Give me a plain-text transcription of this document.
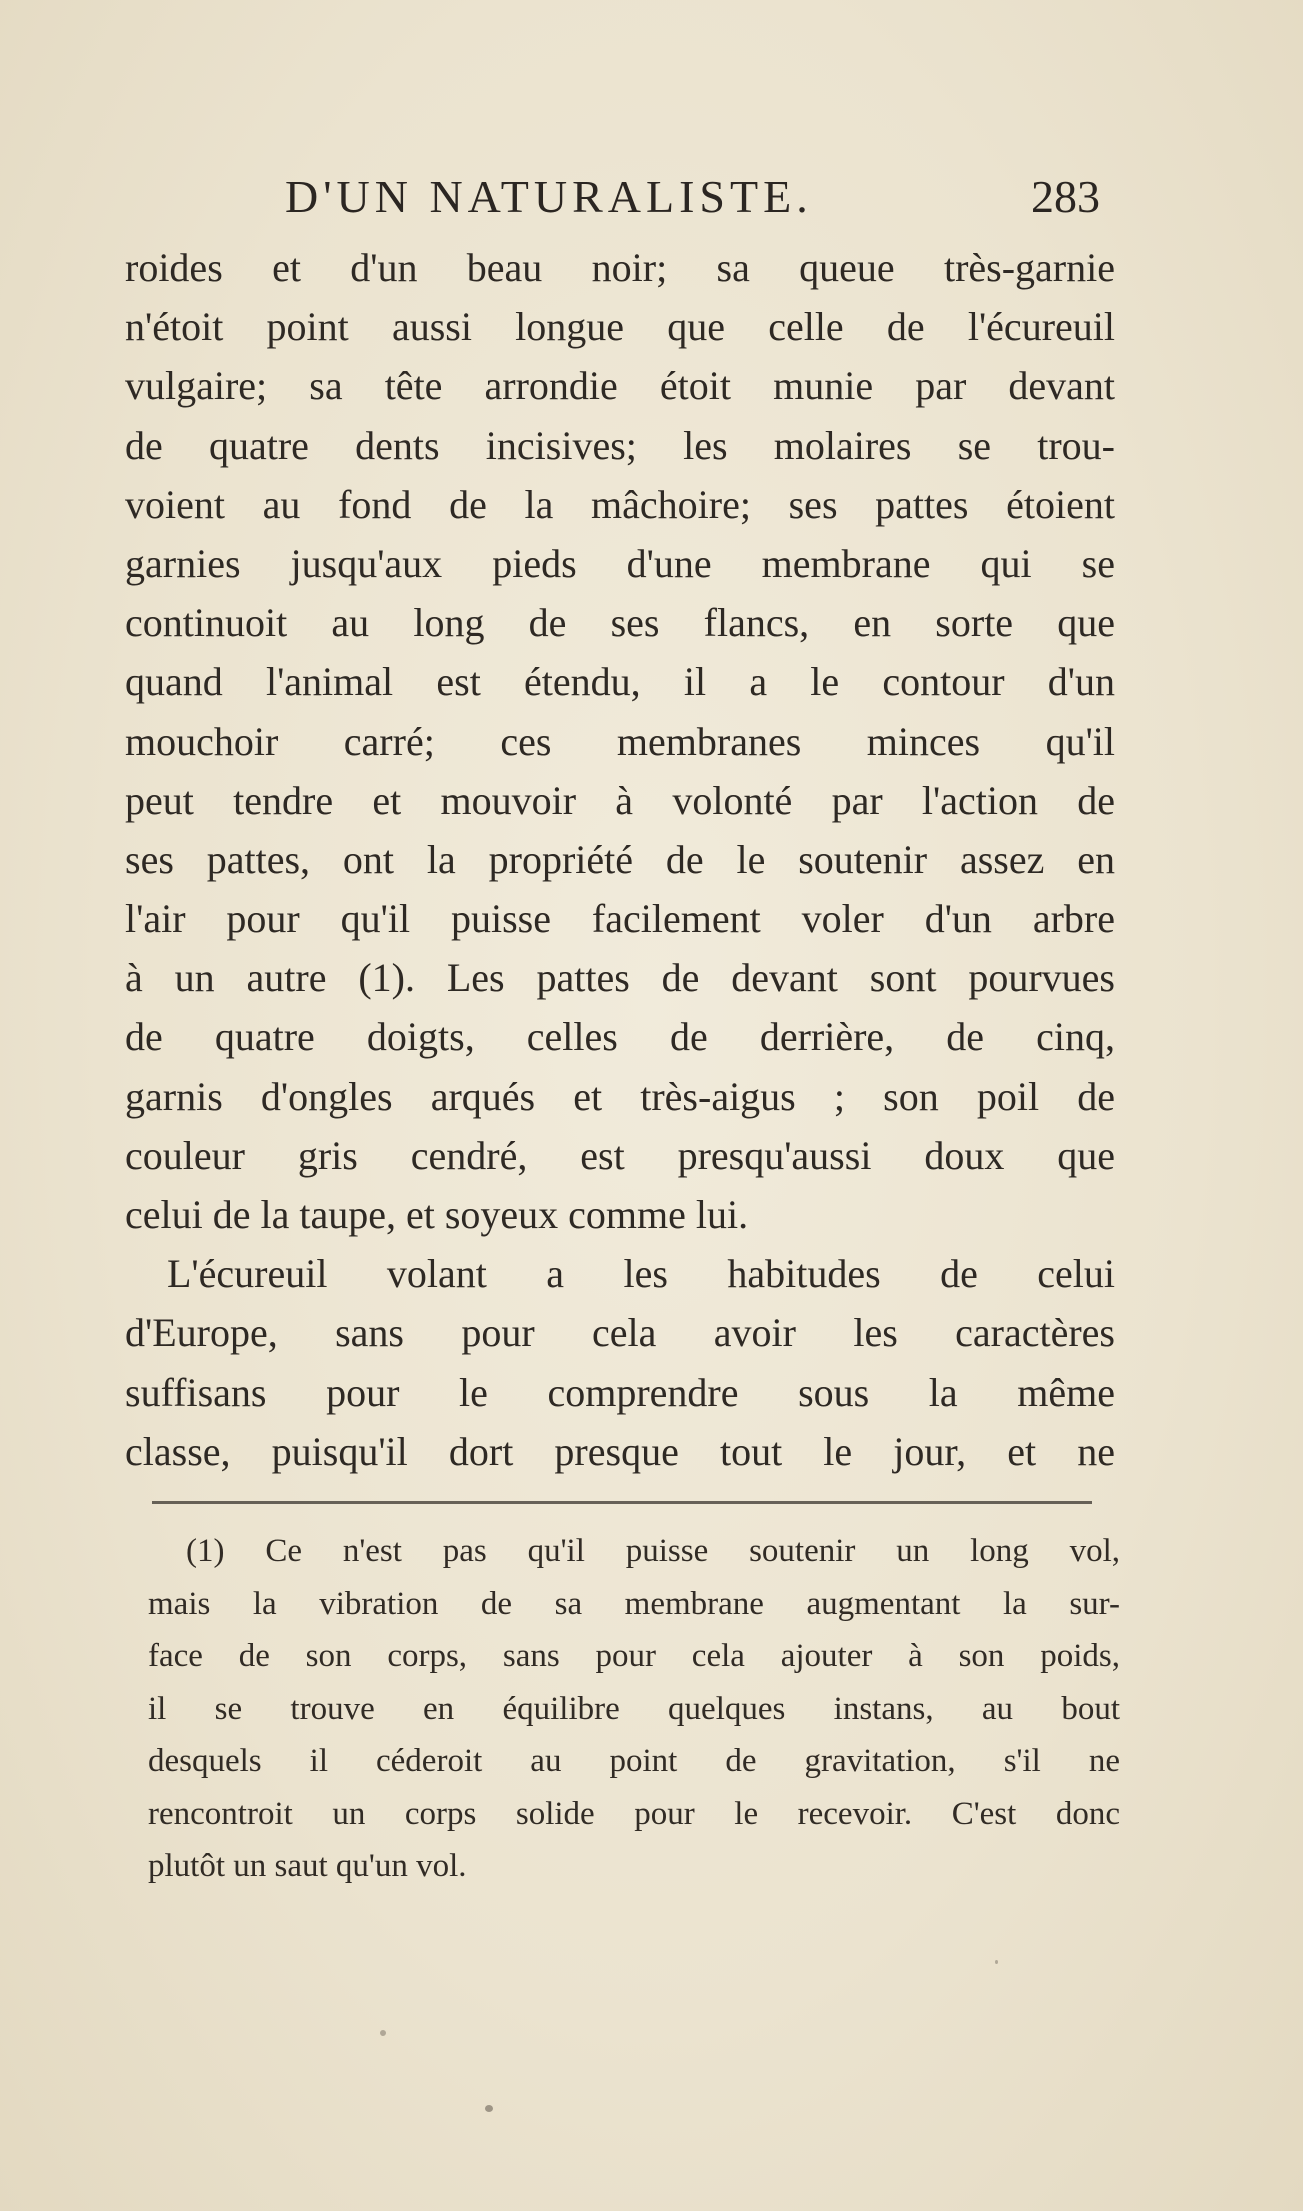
D'UN NATURALISTE.	283
roides et d'un beau noir; sa queue très-garnie
n'étoit point aussi longue que celle de l'écureuil
vulgaire; sa tête arrondie étoit munie par devant
de quatre dents incisives; les molaires se trou-
voient au fond de la mâchoire; ses pattes étoient
garnies jusqu'aux pieds d'une membrane qui se
continuoit au long de ses flancs, en sorte que
quand l'animal est étendu, il a le contour d'un
mouchoir carré; ces membranes minces qu'il
peut tendre et mouvoir à volonté par l'action de
ses pattes, ont la propriété de le soutenir assez en
l'air pour qu'il puisse facilement voler d'un arbre
à un autre (1). Les pattes de devant sont pourvues
de quatre doigts, celles de derrière, de cinq,
garnis d'ongles arqués et très-aigus ; son poil de
couleur gris cendré, est presqu'aussi doux que
celui de la taupe, et soyeux comme lui.
L'écureuil volant a les habitudes de celui
d'Europe, sans pour cela avoir les caractères
suffisans pour le comprendre sous la même
classe, puisqu'il dort presque tout le jour, et ne
(1) Ce n'est pas qu'il puisse soutenir un long vol,
mais la vibration de sa membrane augmentant la sur-
face de son corps, sans pour cela ajouter à son poids,
il se trouve en équilibre quelques instans, au bout
desquels il céderoit au point de gravitation, s'il ne
rencontroit un corps solide pour le recevoir. C'est donc
plutôt un saut qu'un vol.
